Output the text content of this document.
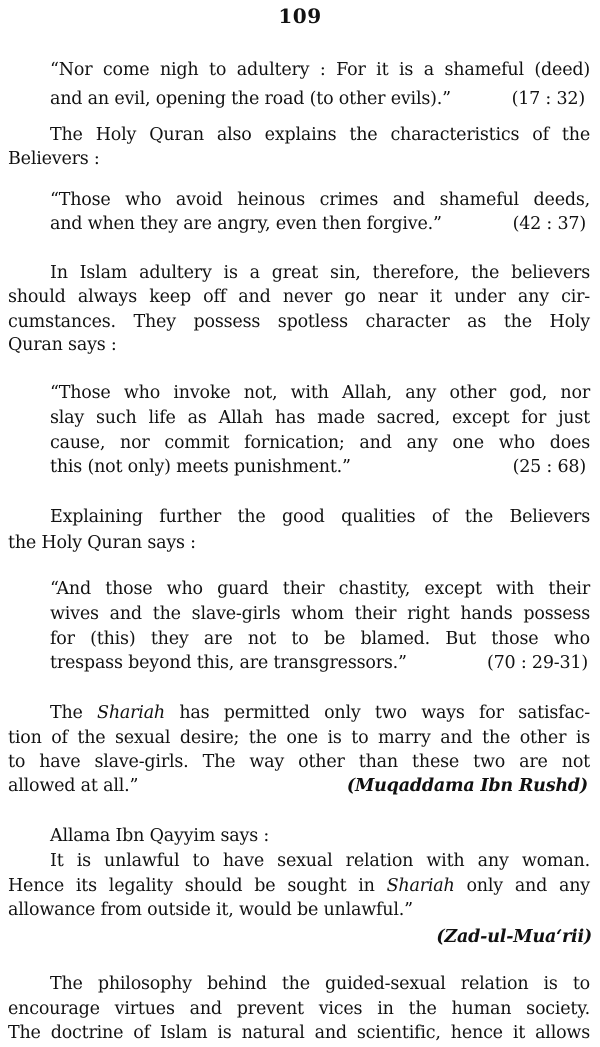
109
“Nor come nigh to adultery : For it is a shameful (deed)
and an evil, opening the road (to other evils).”	(17 : 32)
The Holy Quran also explains the characteristics of the
Believers :
“Those who avoid heinous crimes and shameful deeds,
and when they are angry, even then forgive.”	(42 : 37)
In Islam adultery is a great sin, therefore, the believers
should always keep off and never go near it under any cir-
cumstances. They possess spotless character as the Holy
Quran says :
“Those who invoke not, with Allah, any other god, nor
slay such life as Allah has made sacred, except for just
cause, nor commit fornication; and any one who does
this (not only) meets punishment.”	(25 : 68)
Explaining further the good qualities of the Believers
the Holy Quran says :
“And those who guard their chastity, except with their
wives and the slave-girls whom their right hands possess
for (this) they are not to be blamed. But those who
trespass beyond this, are transgressors.”	(70 : 29-31)
The Shariah has permitted only two ways for satisfac-
tion of the sexual desire; the one is to marry and the other is
to have slave-girls. The way other than these two are not
allowed at all.”	(Muqaddama Ibn Rushd)
Allama Ibn Qayyim says :
It is unlawful to have sexual relation with any woman.
Hence its legality should be sought in Shariah only and any
allowance from outside it, would be unlawful.”
(Zad-ul-Mua‘rii)
The philosophy behind the guided-sexual relation is to
encourage virtues and prevent vices in the human society.
The doctrine of Islam is natural and scientific, hence it allows
